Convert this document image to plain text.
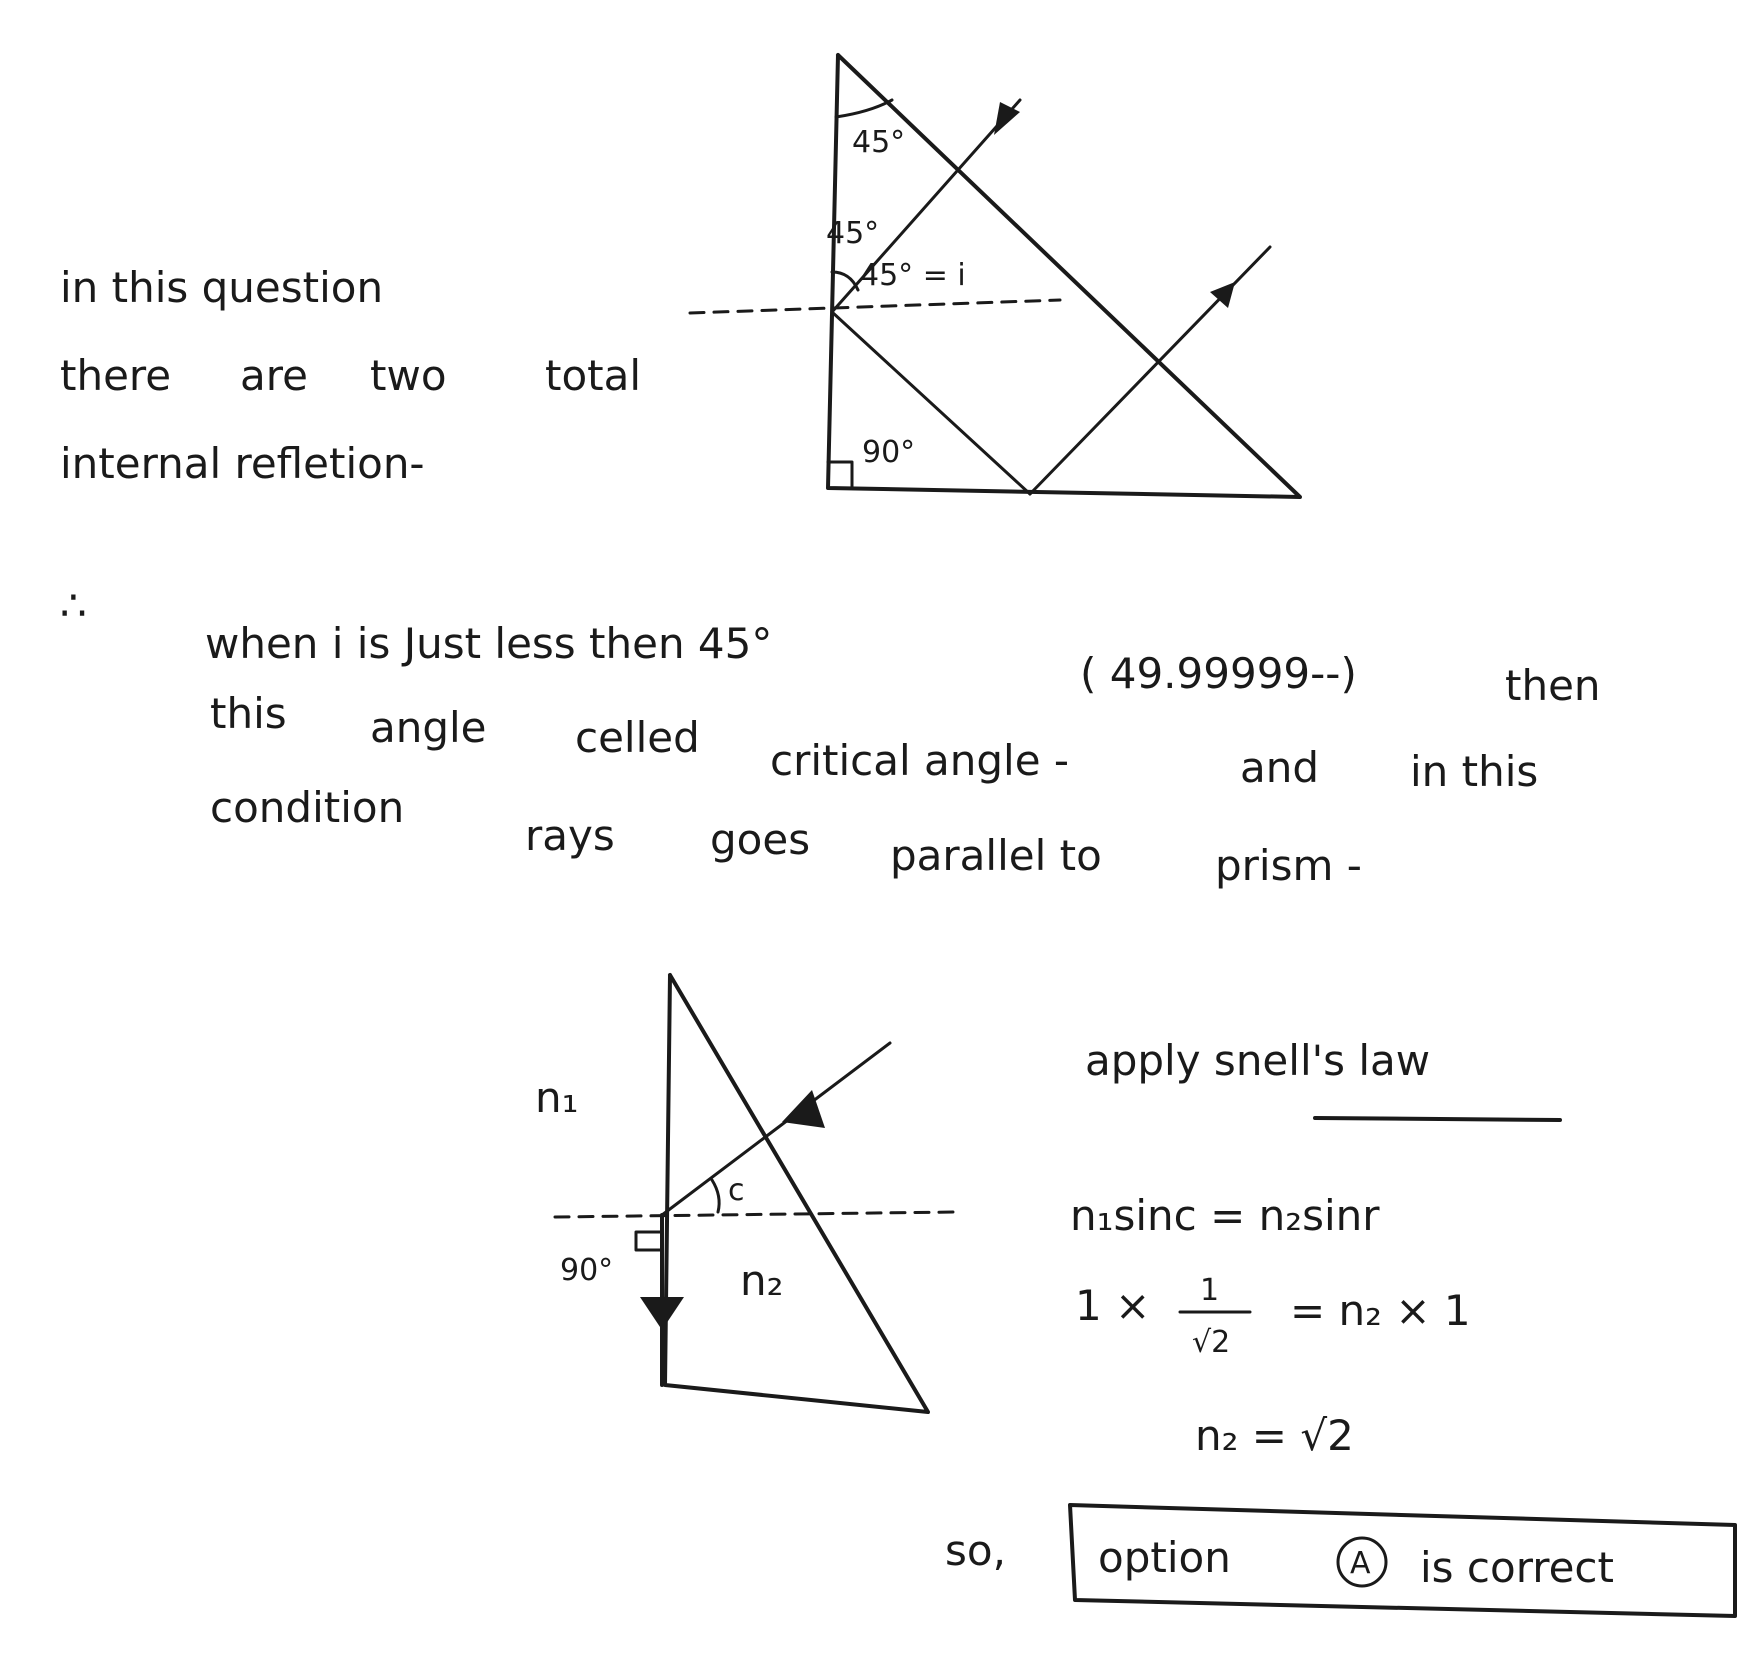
in this question
there are two total
internal refletion-
45°
45°
45° = i
90°
∴
when i is Just less then 45°
( 49.99999--)	then
this angle celled critical angle -	and in this
condition
rays goes parallel to	prism -
n₁
n₂
c
90°
apply snell's law
n₁sinc = n₂sinr
1 × 1
√2
= n₂ × 1
n₂ = √2
so, option	A is correct
